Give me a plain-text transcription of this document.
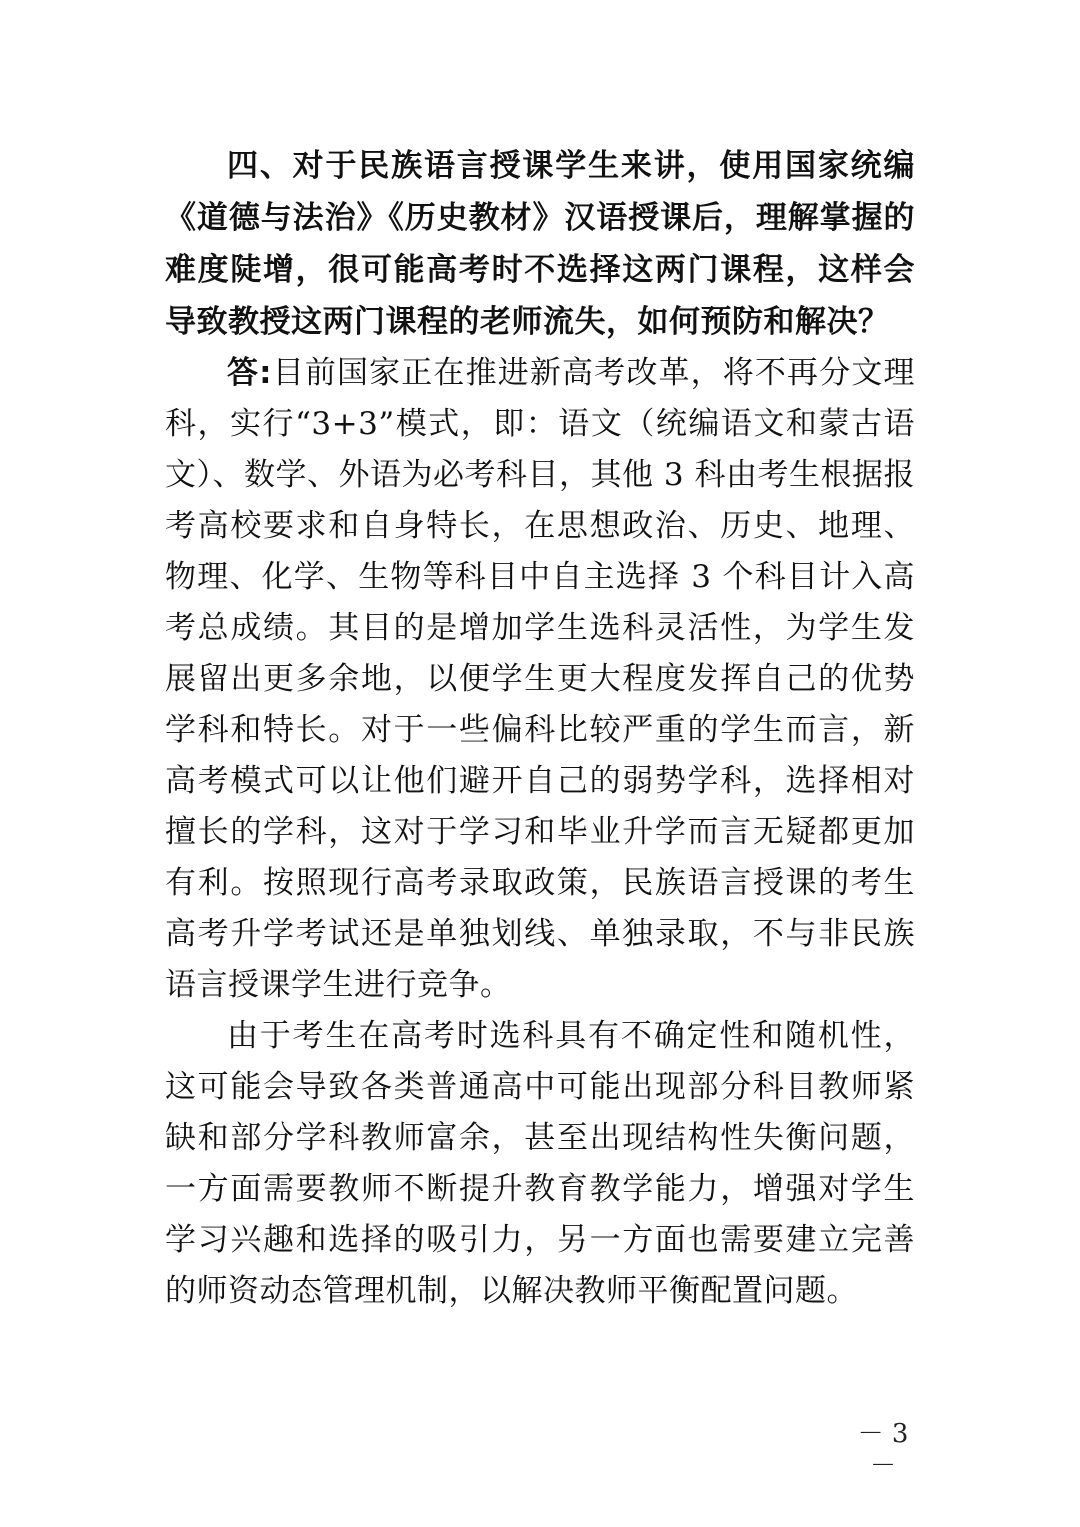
四、对于民族语言授课学生来讲，使用国家统编《道德与法治》《历史教材》汉语授课后，理解掌握的难度陡增，很可能高考时不选择这两门课程，这样会导致教授这两门课程的老师流失，如何预防和解决？

答:目前国家正在推进新高考改革，将不再分文理科，实行“3+3”模式，即：语文（统编语文和蒙古语文）、数学、外语为必考科目，其他 3 科由考生根据报考高校要求和自身特长，在思想政治、历史、地理、物理、化学、生物等科目中自主选择 3 个科目计入高考总成绩。其目的是增加学生选科灵活性，为学生发展留出更多余地，以便学生更大程度发挥自己的优势学科和特长。对于一些偏科比较严重的学生而言，新高考模式可以让他们避开自己的弱势学科，选择相对擅长的学科，这对于学习和毕业升学而言无疑都更加有利。按照现行高考录取政策，民族语言授课的考生高考升学考试还是单独划线、单独录取，不与非民族语言授课学生进行竞争。

由于考生在高考时选科具有不确定性和随机性，这可能会导致各类普通高中可能出现部分科目教师紧缺和部分学科教师富余，甚至出现结构性失衡问题，一方面需要教师不断提升教育教学能力，增强对学生学习兴趣和选择的吸引力，另一方面也需要建立完善的师资动态管理机制，以解决教师平衡配置问题。

－ 3 －
